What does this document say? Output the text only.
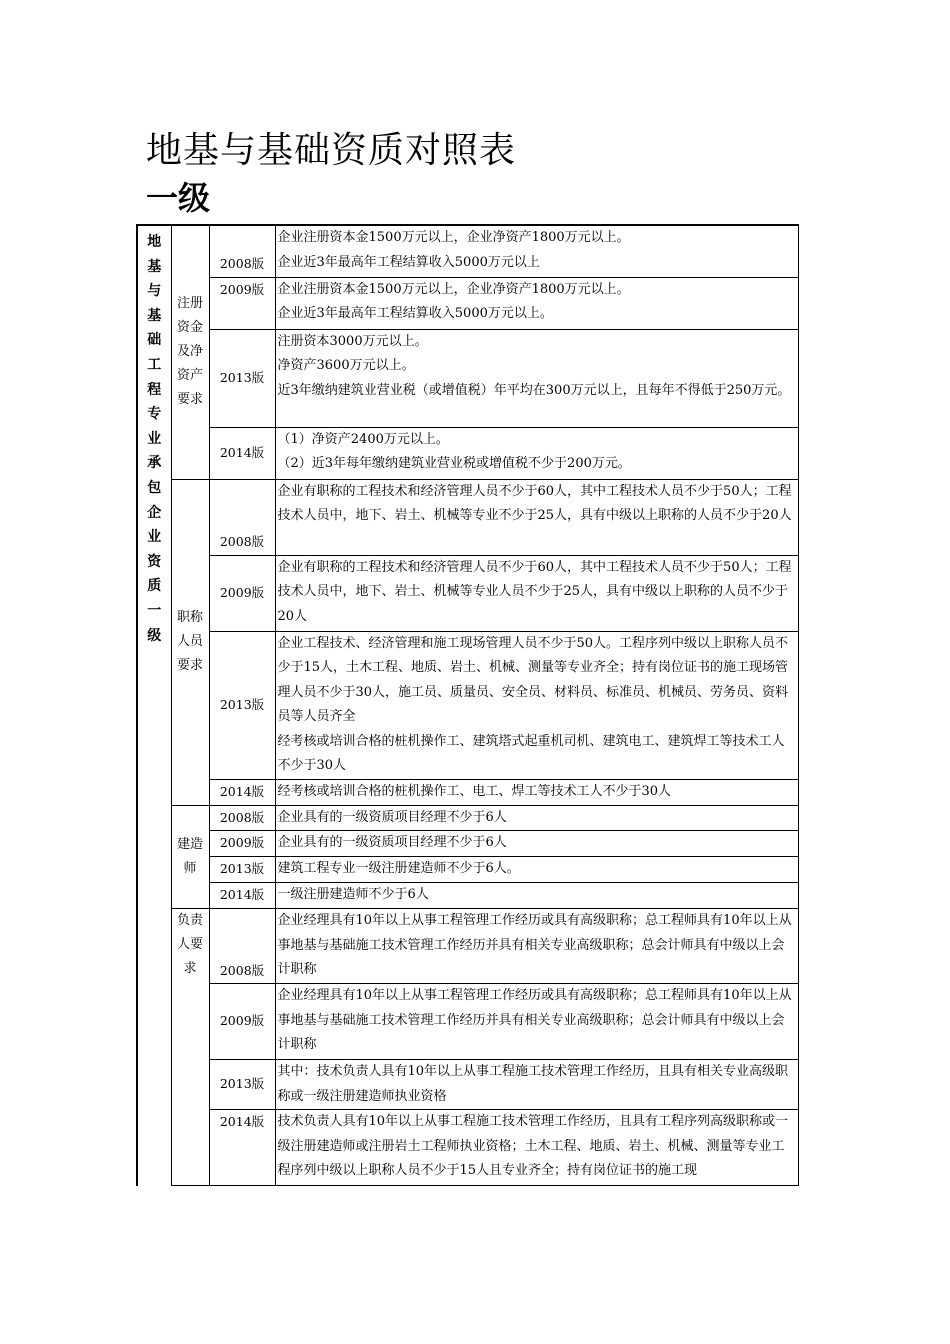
地基与基础资质对照表
一级
地基与基础工程专业承包企业资质一级	注册资金及净资产要求	2008版	企业注册资本金1500万元以上，企业净资产1800万元以上。
企业近3年最高年工程结算收入5000万元以上

		2009版	企业注册资本金1500万元以上，企业净资产1800万元以上。
企业近3年最高年工程结算收入5000万元以上。

		2013版	注册资本3000万元以上。
净资产3600万元以上。
近3年缴纳建筑业营业税（或增值税）年平均在300万元以上，且每年不得低于250万元。

		2014版	（1）净资产2400万元以上。
（2）近3年每年缴纳建筑业营业税或增值税不少于200万元。

	职称人员要求	2008版	企业有职称的工程技术和经济管理人员不少于60人，其中工程技术人员不少于50人；工程技术人员中，地下、岩土、机械等专业不少于25人，具有中级以上职称的人员不少于20人

		2009版	企业有职称的工程技术和经济管理人员不少于60人，其中工程技术人员不少于50人；工程技术人员中，地下、岩土、机械等专业人员不少于25人，具有中级以上职称的人员不少于20人

		2013版	企业工程技术、经济管理和施工现场管理人员不少于50人。工程序列中级以上职称人员不少于15人，土木工程、地质、岩土、机械、测量等专业齐全；持有岗位证书的施工现场管理人员不少于30人，施工员、质量员、安全员、材料员、标准员、机械员、劳务员、资料员等人员齐全
经考核或培训合格的桩机操作工、建筑塔式起重机司机、建筑电工、建筑焊工等技术工人不少于30人

		2014版	经考核或培训合格的桩机操作工、电工、焊工等技术工人不少于30人

	建造师	2008版	企业具有的一级资质项目经理不少于6人

		2009版	企业具有的一级资质项目经理不少于6人

		2013版	建筑工程专业一级注册建造师不少于6人。

		2014版	一级注册建造师不少于6人

	负责人要求	2008版	企业经理具有10年以上从事工程管理工作经历或具有高级职称；总工程师具有10年以上从事地基与基础施工技术管理工作经历并具有相关专业高级职称；总会计师具有中级以上会计职称

		2009版	企业经理具有10年以上从事工程管理工作经历或具有高级职称；总工程师具有10年以上从事地基与基础施工技术管理工作经历并具有相关专业高级职称；总会计师具有中级以上会计职称

		2013版	其中：技术负责人具有10年以上从事工程施工技术管理工作经历，且具有相关专业高级职称或一级注册建造师执业资格

		2014版	技术负责人具有10年以上从事工程施工技术管理工作经历，且具有工程序列高级职称或一级注册建造师或注册岩土工程师执业资格；土木工程、地质、岩土、机械、测量等专业工程序列中级以上职称人员不少于15人且专业齐全；持有岗位证书的施工现
